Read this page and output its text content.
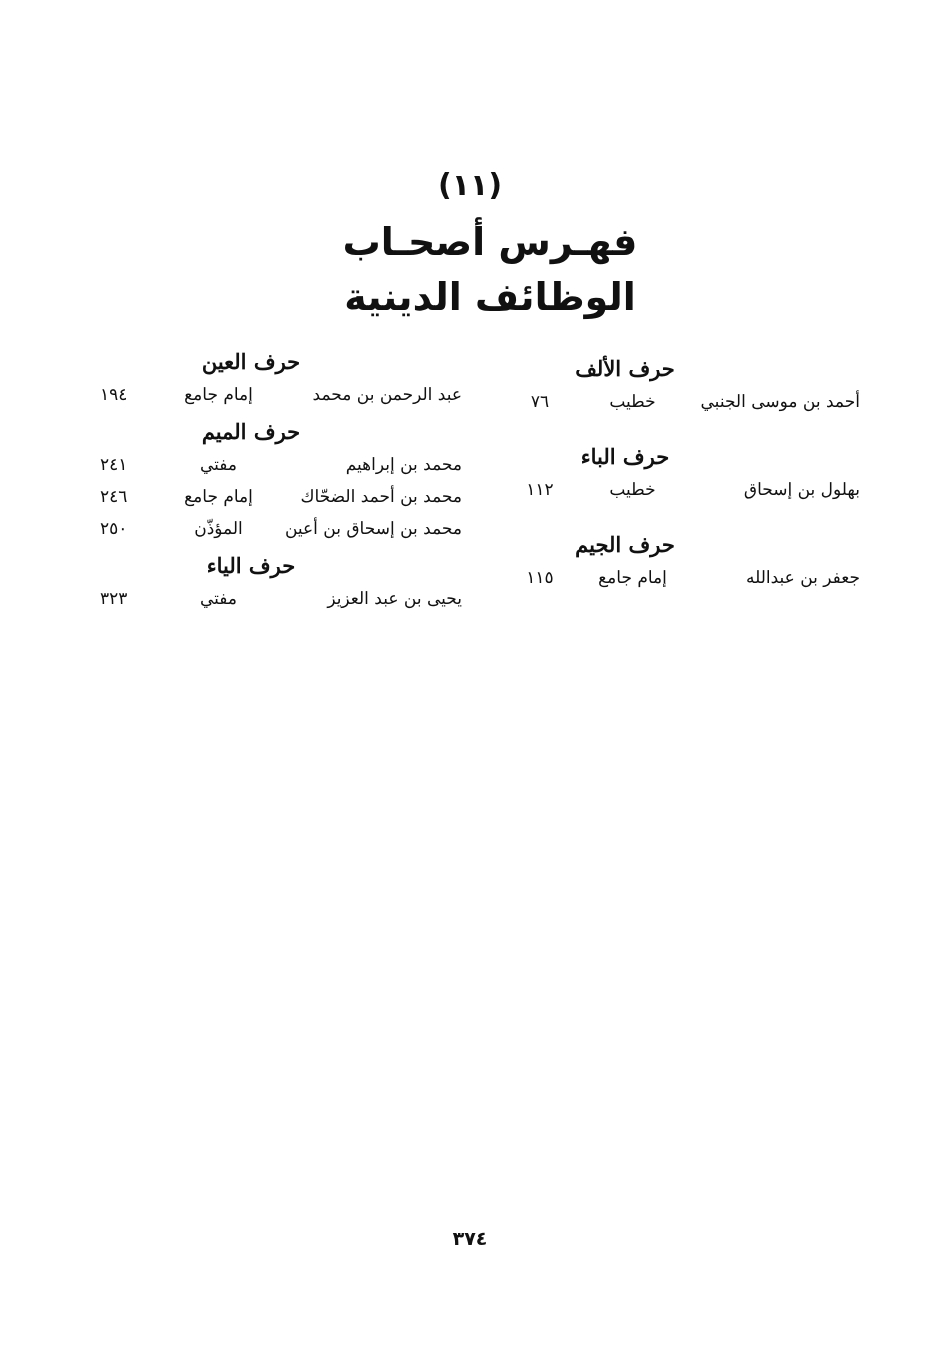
(١١)
فهـرس أصحـاب
الوظائف الدينية
حرف الألف
أحمد بن موسى الجنبي
خطيب
٧٦
حرف الباء
بهلول بن إسحاق
خطيب
١١٢
حرف الجيم
جعفر بن عبدالله
إمام جامع
١١٥
حرف العين
عبد الرحمن بن محمد
إمام جامع
١٩٤
حرف الميم
محمد بن إبراهيم
مفتي
٢٤١
محمد بن أحمد الضحّاك
إمام جامع
٢٤٦
محمد بن إسحاق بن أعين
المؤذّن
٢٥٠
حرف الياء
يحيى بن عبد العزيز
مفتي
٣٢٣
٣٧٤
